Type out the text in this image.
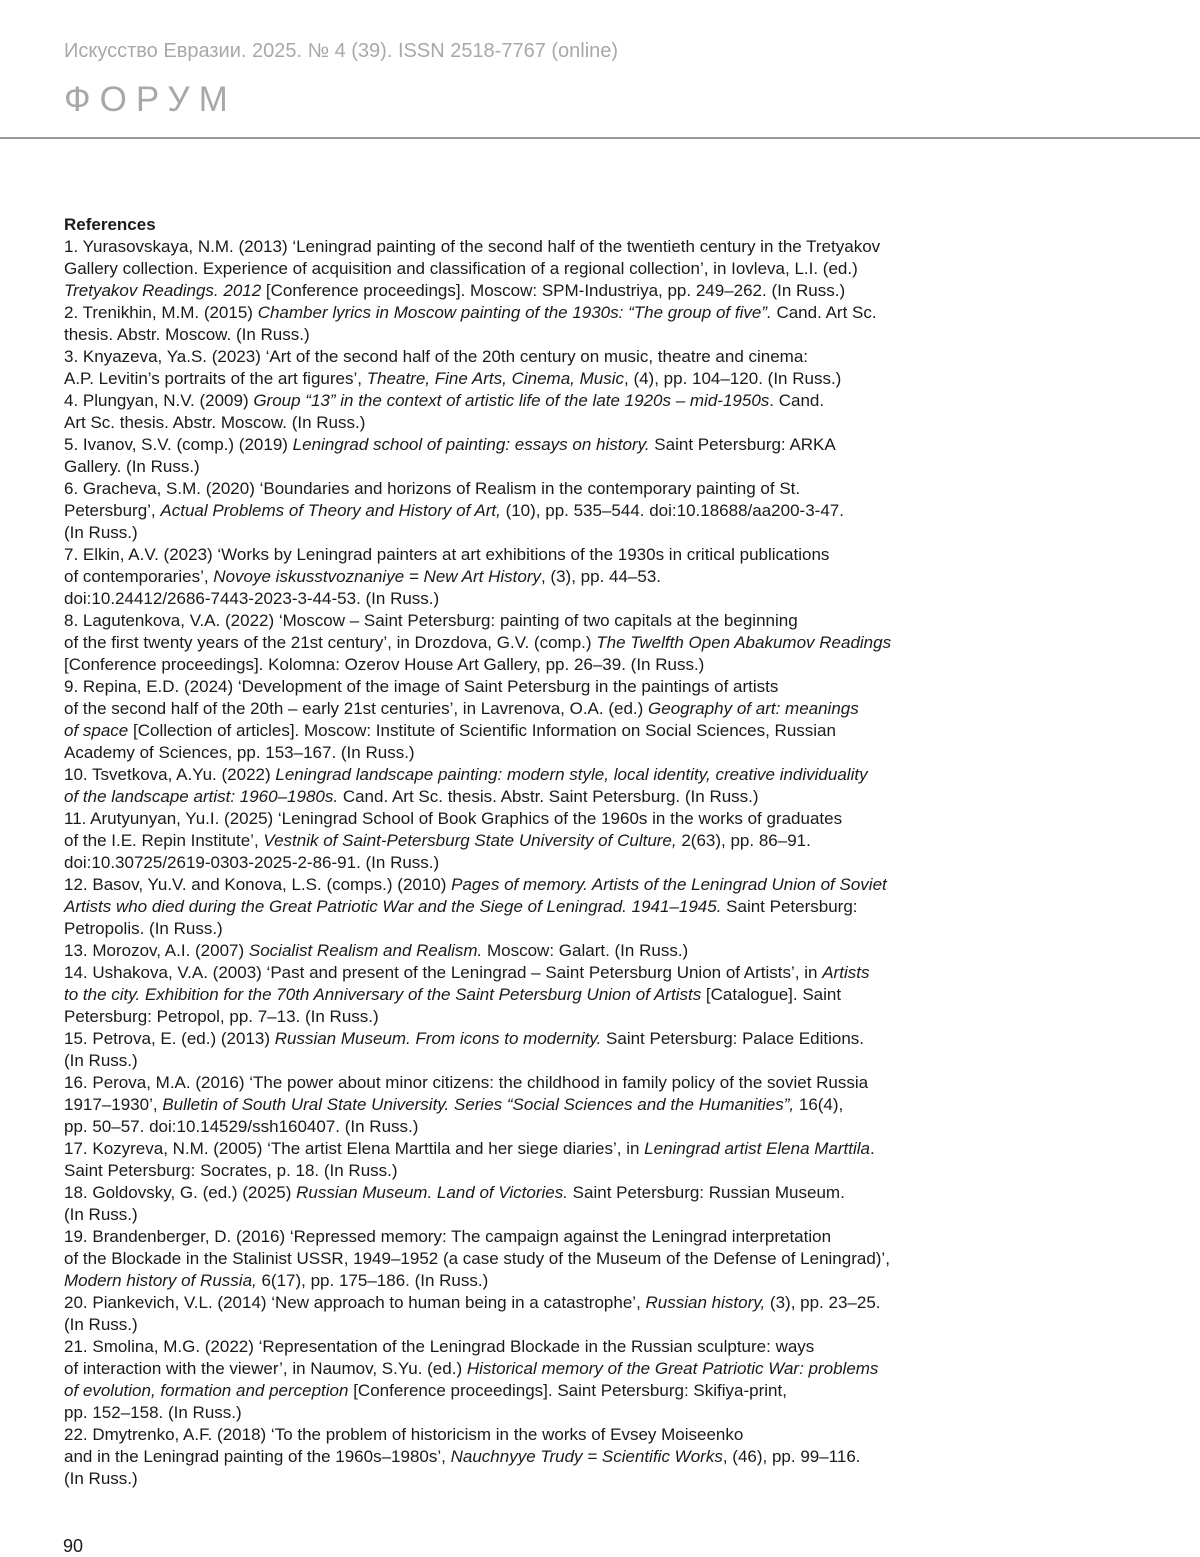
Искусство Евразии. 2025. № 4 (39). ISSN 2518-7767 (online)
ФОРУМ
References
1. Yurasovskaya, N.M. (2013) ‘Leningrad painting of the second half of the twentieth century in the Tretyakov
Gallery collection. Experience of acquisition and classification of a regional collection’, in Iovleva, L.I. (ed.)
Tretyakov Readings. 2012 [Conference proceedings]. Moscow: SPM-Industriya, pp. 249–262. (In Russ.)
2. Trenikhin, M.M. (2015) Chamber lyrics in Moscow painting of the 1930s: “The group of five”. Cand. Art Sc.
thesis. Abstr. Moscow. (In Russ.)
3. Knyazeva, Ya.S. (2023) ‘Art of the second half of the 20th century on music, theatre and cinema:
A.P. Levitin’s portraits of the art figures’, Theatre, Fine Arts, Cinema, Music, (4), pp. 104–120. (In Russ.)
4. Plungyan, N.V. (2009) Group “13” in the context of artistic life of the late 1920s – mid-1950s. Cand.
Art Sc. thesis. Abstr. Moscow. (In Russ.)
5. Ivanov, S.V. (comp.) (2019) Leningrad school of painting: essays on history. Saint Petersburg: ARKA
Gallery. (In Russ.)
6. Gracheva, S.M. (2020) ‘Boundaries and horizons of Realism in the contemporary painting of St.
Petersburg’, Actual Problems of Theory and History of Art, (10), pp. 535–544. doi:10.18688/aa200-3-47.
(In Russ.)
7. Elkin, A.V. (2023) ‘Works by Leningrad painters at art exhibitions of the 1930s in critical publications
of contemporaries’, Novoye iskusstvoznaniye = New Art History, (3), pp. 44–53.
doi:10.24412/2686-7443-2023-3-44-53. (In Russ.)
8. Lagutenkova, V.A. (2022) ‘Moscow – Saint Petersburg: painting of two capitals at the beginning
of the first twenty years of the 21st century’, in Drozdova, G.V. (comp.) The Twelfth Open Abakumov Readings
[Conference proceedings]. Kolomna: Ozerov House Art Gallery, pp. 26–39. (In Russ.)
9. Repina, E.D. (2024) ‘Development of the image of Saint Petersburg in the paintings of artists
of the second half of the 20th – early 21st centuries’, in Lavrenova, O.A. (ed.) Geography of art: meanings
of space [Collection of articles]. Moscow: Institute of Scientific Information on Social Sciences, Russian
Academy of Sciences, pp. 153–167. (In Russ.)
10. Tsvetkova, A.Yu. (2022) Leningrad landscape painting: modern style, local identity, creative individuality
of the landscape artist: 1960–1980s. Cand. Art Sc. thesis. Abstr. Saint Petersburg. (In Russ.)
11. Arutyunyan, Yu.I. (2025) ‘Leningrad School of Book Graphics of the 1960s in the works of graduates
of the I.E. Repin Institute’, Vestnik of Saint-Petersburg State University of Culture, 2(63), pp. 86–91.
doi:10.30725/2619-0303-2025-2-86-91. (In Russ.)
12. Basov, Yu.V. and Konova, L.S. (comps.) (2010) Pages of memory. Artists of the Leningrad Union of Soviet
Artists who died during the Great Patriotic War and the Siege of Leningrad. 1941–1945. Saint Petersburg:
Petropolis. (In Russ.)
13. Morozov, A.I. (2007) Socialist Realism and Realism. Moscow: Galart. (In Russ.)
14. Ushakova, V.A. (2003) ‘Past and present of the Leningrad – Saint Petersburg Union of Artists’, in Artists
to the city. Exhibition for the 70th Anniversary of the Saint Petersburg Union of Artists [Catalogue]. Saint
Petersburg: Petropol, pp. 7–13. (In Russ.)
15. Petrova, E. (ed.) (2013) Russian Museum. From icons to modernity. Saint Petersburg: Palace Editions.
(In Russ.)
16. Perova, M.A. (2016) ‘The power about minor citizens: the childhood in family policy of the soviet Russia
1917–1930’, Bulletin of South Ural State University. Series “Social Sciences and the Humanities”, 16(4),
pp. 50–57. doi:10.14529/ssh160407. (In Russ.)
17. Kozyreva, N.M. (2005) ‘The artist Elena Marttila and her siege diaries’, in Leningrad artist Elena Marttila.
Saint Petersburg: Socrates, p. 18. (In Russ.)
18. Goldovsky, G. (ed.) (2025) Russian Museum. Land of Victories. Saint Petersburg: Russian Museum.
(In Russ.)
19. Brandenberger, D. (2016) ‘Repressed memory: The campaign against the Leningrad interpretation
of the Blockade in the Stalinist USSR, 1949–1952 (a case study of the Museum of the Defense of Leningrad)’,
Modern history of Russia, 6(17), pp. 175–186. (In Russ.)
20. Piankevich, V.L. (2014) ‘New approach to human being in a catastrophe’, Russian history, (3), pp. 23–25.
(In Russ.)
21. Smolina, M.G. (2022) ‘Representation of the Leningrad Blockade in the Russian sculpture: ways
of interaction with the viewer’, in Naumov, S.Yu. (ed.) Historical memory of the Great Patriotic War: problems
of evolution, formation and perception [Conference proceedings]. Saint Petersburg: Skifiya-print,
pp. 152–158. (In Russ.)
22. Dmytrenko, A.F. (2018) ‘To the problem of historicism in the works of Evsey Moiseenko
and in the Leningrad painting of the 1960s–1980s’, Nauchnyye Trudy = Scientific Works, (46), pp. 99–116.
(In Russ.)
90
